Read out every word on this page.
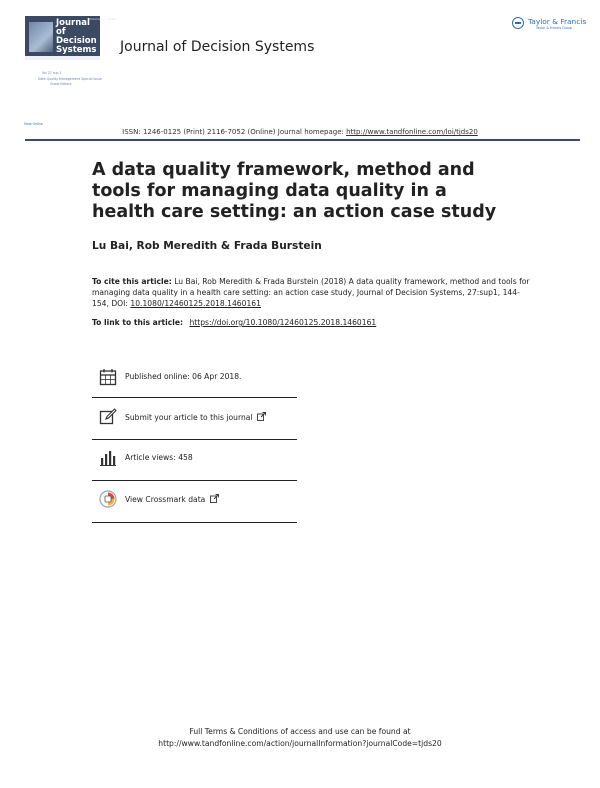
Journal
of Decision
Systems
Volume 27 · 2018
Vol 27 sup 1
Data Quality Management Special Issue
Guest Editors
View Online
Journal of Decision Systems
Taylor & Francis
Taylor & Francis Group
ISSN: 1246-0125 (Print) 2116-7052 (Online) Journal homepage: http://www.tandfonline.com/loi/tjds20
A data quality framework, method and tools for managing data quality in a health care setting: an action case study
Lu Bai, Rob Meredith & Frada Burstein
To cite this article: Lu Bai, Rob Meredith & Frada Burstein (2018) A data quality framework, method and tools for managing data quality in a health care setting: an action case study, Journal of Decision Systems, 27:sup1, 144-154, DOI: 10.1080/12460125.2018.1460161
To link to this article: https://doi.org/10.1080/12460125.2018.1460161
Published online: 06 Apr 2018.
Submit your article to this journal
Article views: 458
View Crossmark data
Full Terms & Conditions of access and use can be found at
http://www.tandfonline.com/action/journalInformation?journalCode=tjds20
